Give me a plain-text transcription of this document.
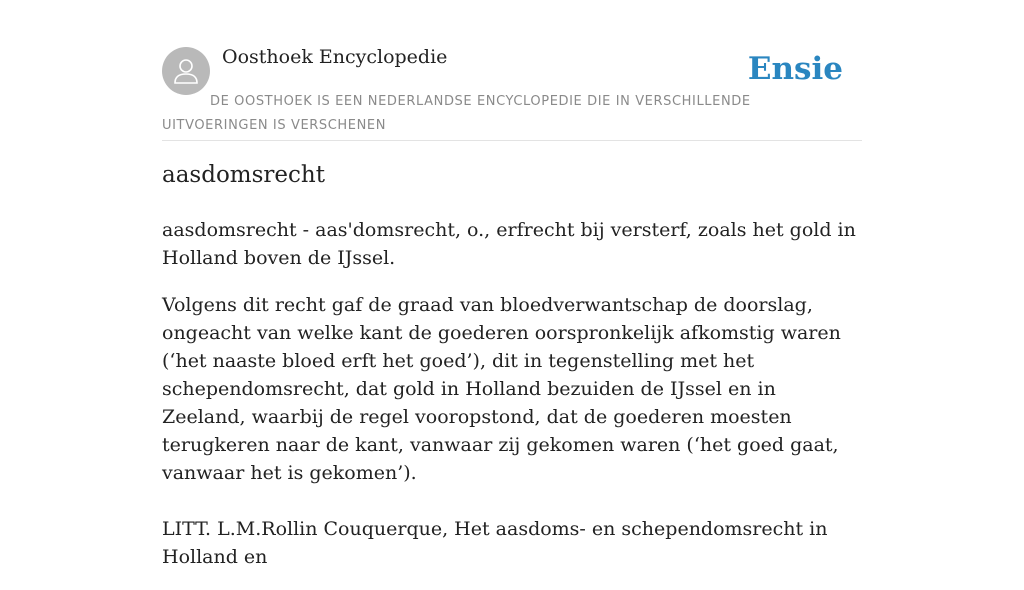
Oosthoek Encyclopedie	Ensie
DE OOSTHOEK IS EEN NEDERLANDSE ENCYCLOPEDIE DIE IN VERSCHILLENDE UITVOERINGEN IS VERSCHENEN
aasdomsrecht

aasdomsrecht - aas'domsrecht, o., erfrecht bij versterf, zoals het gold in Holland boven de IJssel.

Volgens dit recht gaf de graad van bloedverwantschap de doorslag, ongeacht van welke kant de goederen oorspronkelijk afkomstig waren (‘het naaste bloed erft het goed’), dit in tegenstelling met het schependomsrecht, dat gold in Holland bezuiden de IJssel en in Zeeland, waarbij de regel vooropstond, dat de goederen moesten terugkeren naar de kant, vanwaar zij gekomen waren (‘het goed gaat, vanwaar het is gekomen’).

LITT. L.M.Rollin Couquerque, Het aasdoms- en schependomsrecht in Holland en
